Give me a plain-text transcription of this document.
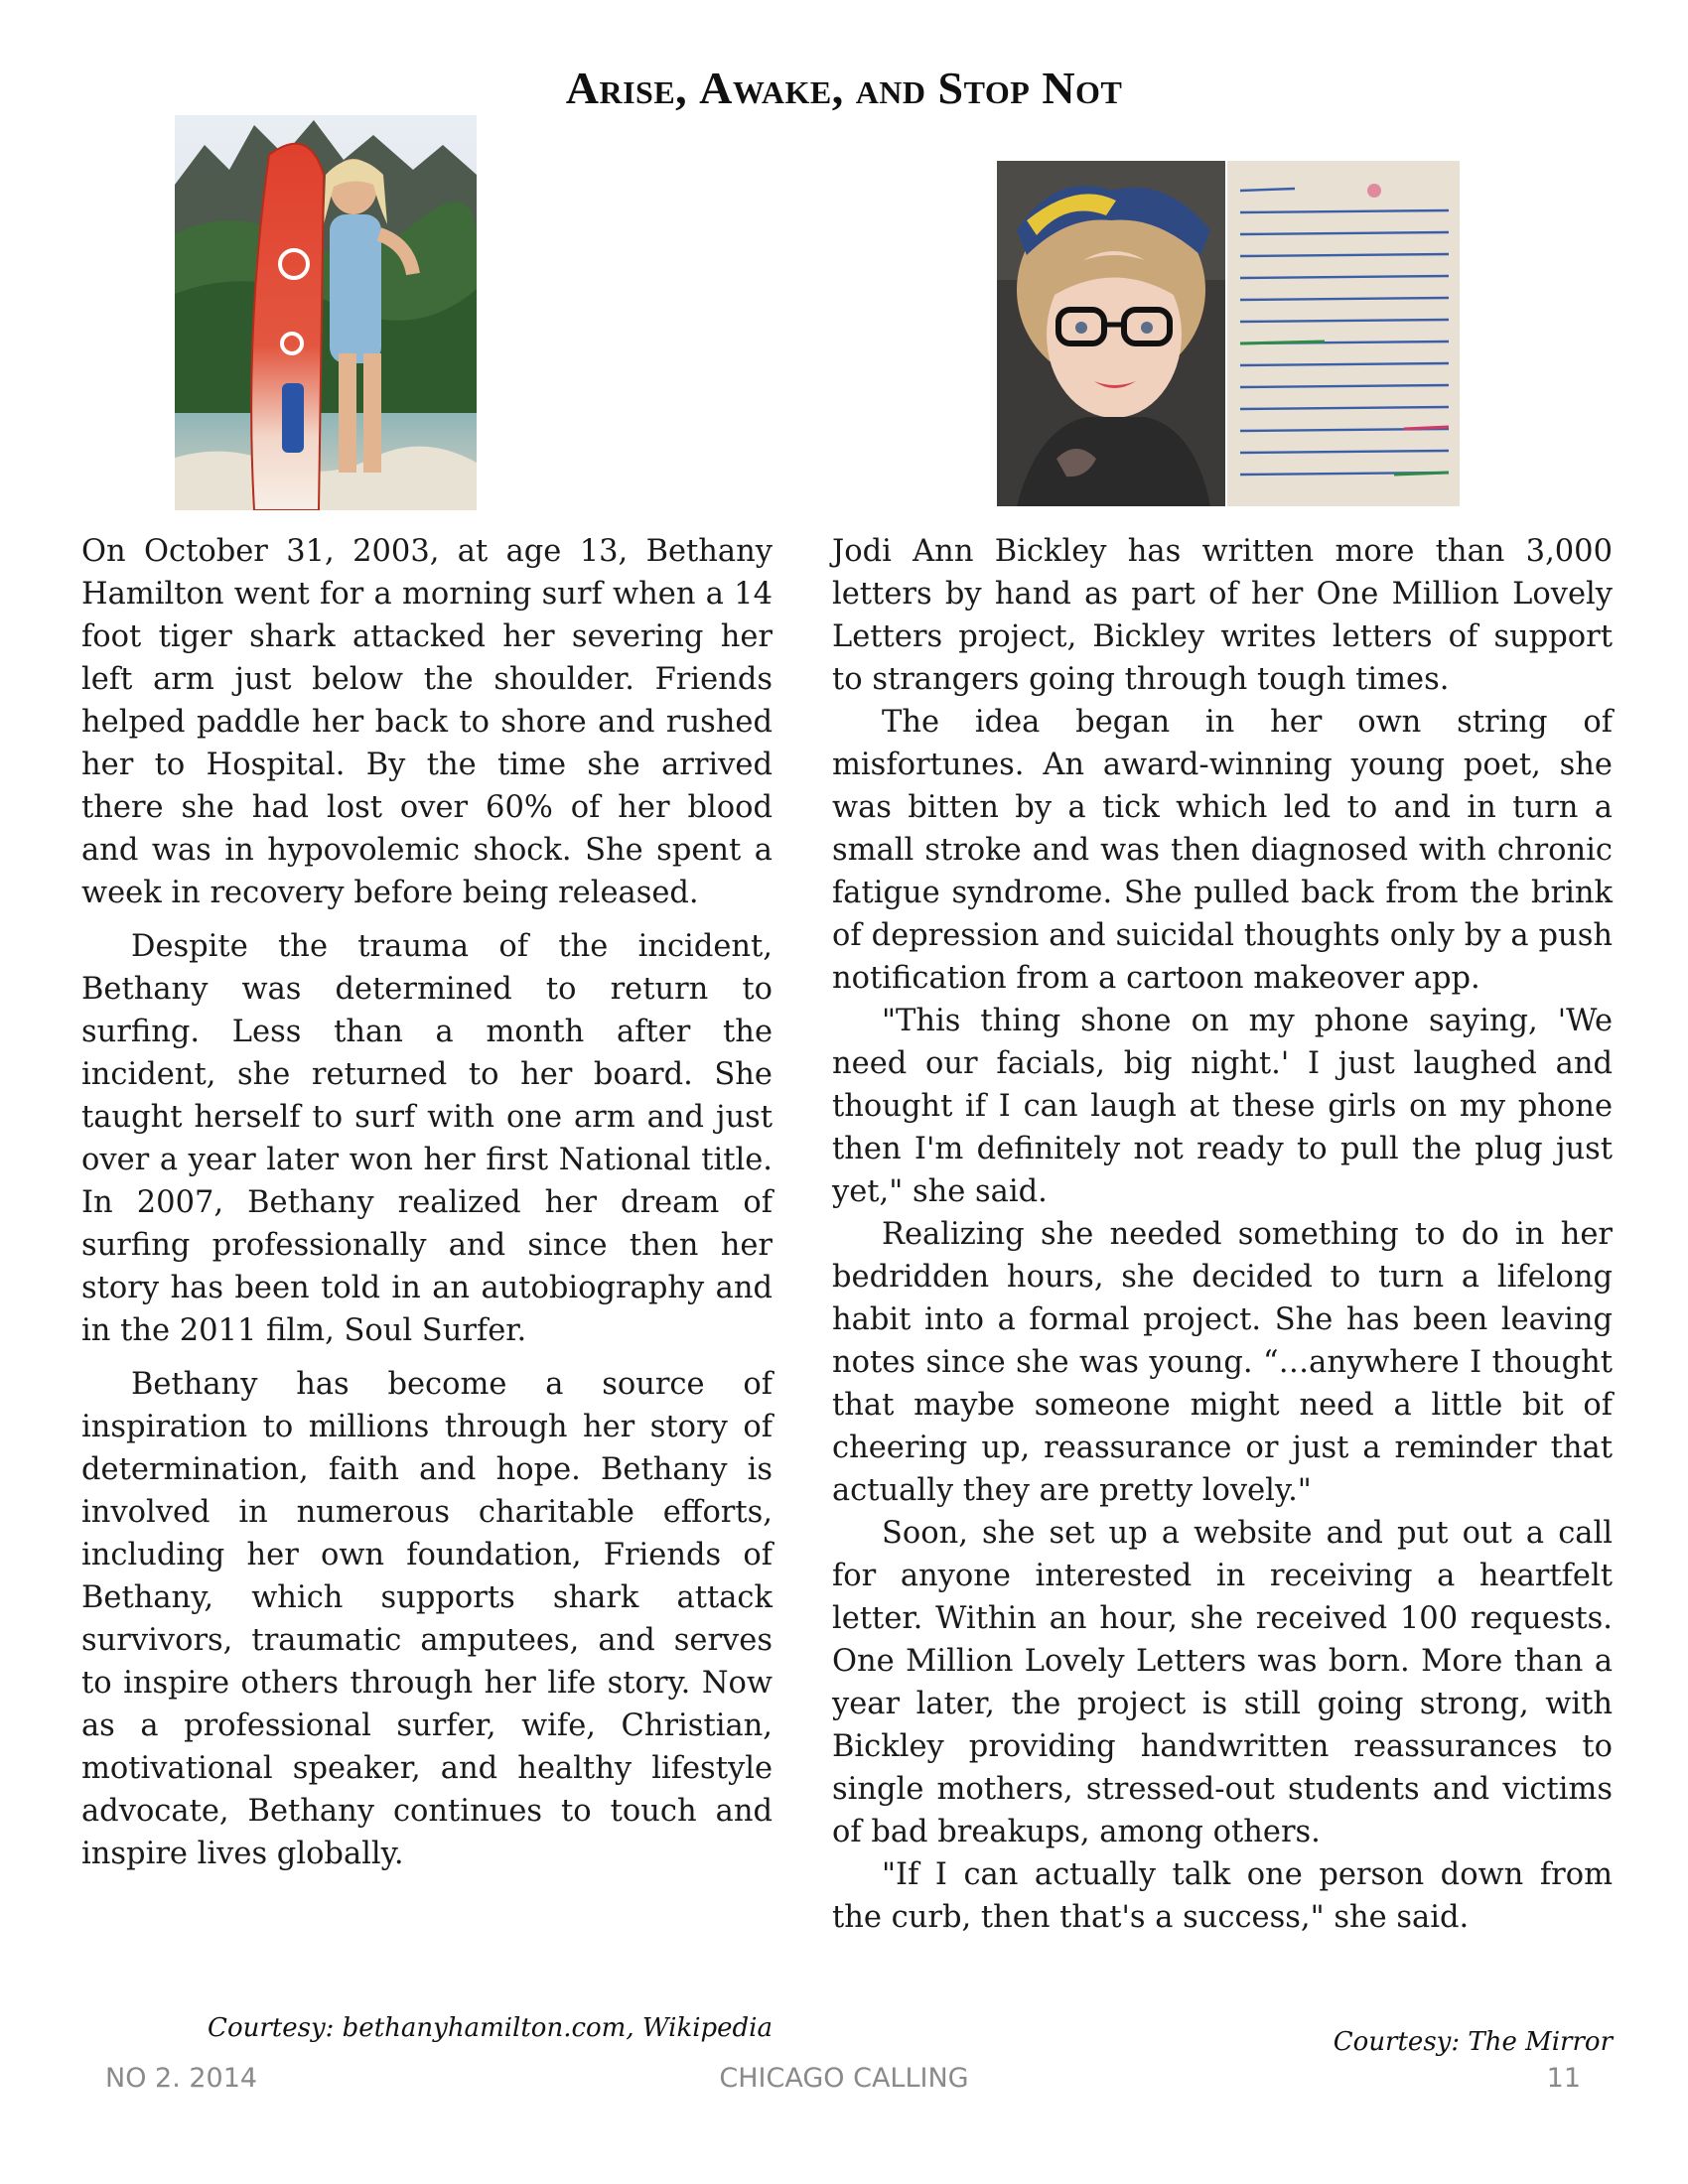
Arise, Awake, and Stop Not

On October 31, 2003, at age 13, Bethany Hamilton went for a morning surf when a 14 foot tiger shark attacked her severing her left arm just below the shoulder. Friends helped paddle her back to shore and rushed her to Hospital. By the time she arrived there she had lost over 60% of her blood and was in hypovolemic shock. She spent a week in recovery before being released.

Despite the trauma of the incident, Bethany was determined to return to surfing. Less than a month after the incident, she returned to her board. She taught herself to surf with one arm and just over a year later won her first National title. In 2007, Bethany realized her dream of surfing professionally and since then her story has been told in an autobiography and in the 2011 film, Soul Surfer.

Bethany has become a source of inspiration to millions through her story of determination, faith and hope. Bethany is involved in numerous charitable efforts, including her own foundation, Friends of Bethany, which supports shark attack survivors, traumatic amputees, and serves to inspire others through her life story. Now as a professional surfer, wife, Christian, motivational speaker, and healthy lifestyle advocate, Bethany continues to touch and inspire lives globally.

Courtesy: bethanyhamilton.com, Wikipedia

Jodi Ann Bickley has written more than 3,000 letters by hand as part of her One Million Lovely Letters project, Bickley writes letters of support to strangers going through tough times.

The idea began in her own string of misfortunes. An award-winning young poet, she was bitten by a tick which led to and in turn a small stroke and was then diagnosed with chronic fatigue syndrome. She pulled back from the brink of depression and suicidal thoughts only by a push notification from a cartoon makeover app.

"This thing shone on my phone saying, 'We need our facials, big night.' I just laughed and thought if I can laugh at these girls on my phone then I'm definitely not ready to pull the plug just yet," she said.

Realizing she needed something to do in her bedridden hours, she decided to turn a lifelong habit into a formal project. She has been leaving notes since she was young. “…anywhere I thought that maybe someone might need a little bit of cheering up, reassurance or just a reminder that actually they are pretty lovely."

Soon, she set up a website and put out a call for anyone interested in receiving a heartfelt letter. Within an hour, she received 100 requests. One Million Lovely Letters was born. More than a year later, the project is still going strong, with Bickley providing handwritten reassurances to single mothers, stressed-out students and victims of bad breakups, among others.

"If I can actually talk one person down from the curb, then that's a success," she said.

Courtesy: The Mirror
NO 2. 2014	CHICAGO CALLING	11
